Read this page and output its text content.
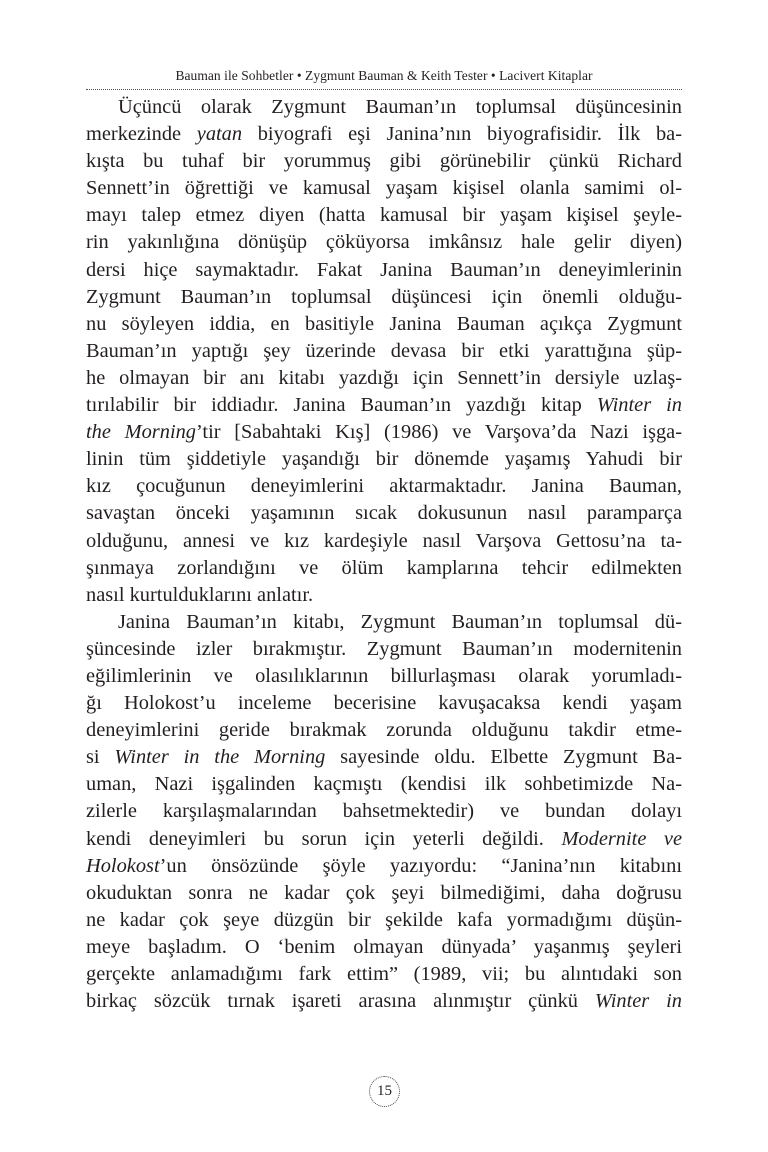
Bauman ile Sohbetler • Zygmunt Bauman & Keith Tester • Lacivert Kitaplar
Üçüncü olarak Zygmunt Bauman’ın toplumsal düşüncesinin
merkezinde yatan biyografi eşi Janina’nın biyografisidir. İlk ba-
kışta bu tuhaf bir yorummuş gibi görünebilir çünkü Richard
Sennett’in öğrettiği ve kamusal yaşam kişisel olanla samimi ol-
mayı talep etmez diyen (hatta kamusal bir yaşam kişisel şeyle-
rin yakınlığına dönüşüp çöküyorsa imkânsız hale gelir diyen)
dersi hiçe saymaktadır. Fakat Janina Bauman’ın deneyimlerinin
Zygmunt Bauman’ın toplumsal düşüncesi için önemli olduğu-
nu söyleyen iddia, en basitiyle Janina Bauman açıkça Zygmunt
Bauman’ın yaptığı şey üzerinde devasa bir etki yarattığına şüp-
he olmayan bir anı kitabı yazdığı için Sennett’in dersiyle uzlaş-
tırılabilir bir iddiadır. Janina Bauman’ın yazdığı kitap Winter in
the Morning’tir [Sabahtaki Kış] (1986) ve Varşova’da Nazi işga-
linin tüm şiddetiyle yaşandığı bir dönemde yaşamış Yahudi bir
kız çocuğunun deneyimlerini aktarmaktadır. Janina Bauman,
savaştan önceki yaşamının sıcak dokusunun nasıl paramparça
olduğunu, annesi ve kız kardeşiyle nasıl Varşova Gettosu’na ta-
şınmaya zorlandığını ve ölüm kamplarına tehcir edilmekten
nasıl kurtulduklarını anlatır.
Janina Bauman’ın kitabı, Zygmunt Bauman’ın toplumsal dü-
şüncesinde izler bırakmıştır. Zygmunt Bauman’ın modernitenin
eğilimlerinin ve olasılıklarının billurlaşması olarak yorumladı-
ğı Holokost’u inceleme becerisine kavuşacaksa kendi yaşam
deneyimlerini geride bırakmak zorunda olduğunu takdir etme-
si Winter in the Morning sayesinde oldu. Elbette Zygmunt Ba-
uman, Nazi işgalinden kaçmıştı (kendisi ilk sohbetimizde Na-
zilerle karşılaşmalarından bahsetmektedir) ve bundan dolayı
kendi deneyimleri bu sorun için yeterli değildi. Modernite ve
Holokost’un önsözünde şöyle yazıyordu: “Janina’nın kitabını
okuduktan sonra ne kadar çok şeyi bilmediğimi, daha doğrusu
ne kadar çok şeye düzgün bir şekilde kafa yormadığımı düşün-
meye başladım. O ‘benim olmayan dünyada’ yaşanmış şeyleri
gerçekte anlamadığımı fark ettim” (1989, vii; bu alıntıdaki son
birkaç sözcük tırnak işareti arasına alınmıştır çünkü Winter in
15
